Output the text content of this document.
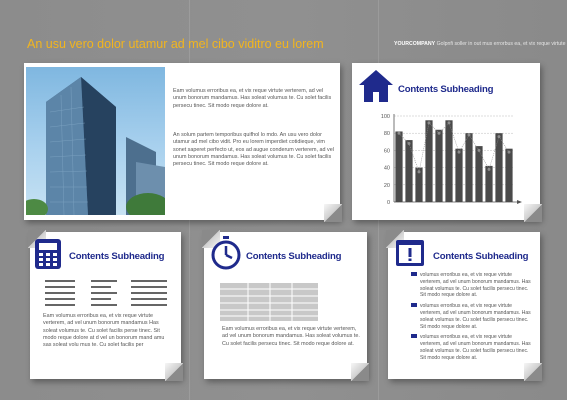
An usu vero dolor utamur ad mel cibo viditro eu lorem	YOURCOMPANY Golpnfi soller in out mus errorbus ea, et vix reque virtute
Eam volumus erroribus ea, et vix reque virtute verterem, ad vel unum bonorum mandamus. Has soleat volumus te. Cu solet facilis persecu tinec. Sit modo reque dolore at.
An solum partem temporibus quifhol lo mdo. An usu vero dolor utamur ad mel cibo vidit. Pro eu lorem imperdiet cotidieque, vim sonet saperet perfecto ut, eos ad augue conderum verterem, ad vel unum bonorum mandamus. Has soleat volumus te. Cu solet facilis persecu tinec. Sit modo reque dolore at.
Contents Subheading
0
20
40
60
80
100
Contents Subheading
Eam volumus erroribus ea, et vix reque virtute verterem, ad vel unum bonorum mandamus Has soleat volumus te. Cu solet facilis perse tinec. Sit modo reque dolore at d vel un bonorum mand amu sas soleat volu mus te. Cu solet facilis per
Contents Subheading
Eam volumus erroribus ea, et vix reque virtute verterem, ad vel unum bonorum mandamus. Has soleat volumus te. Cu solet facilis persecu tinec. Sit modo reque dolore at.
Contents Subheading
volumus erroribus ea, et vix reque virtute
verterem, ad vel unum bonorum mandamus. Has soleat volumus te. Cu solet facilis persecu tinec. Sit modo reque dolore at.
volumus erroribus ea, et vix reque virtute
verterem, ad vel unum bonorum mandamus. Has soleat volumus te. Cu solet facilis persecu tinec. Sit modo reque dolore at.
volumus erroribus ea, et vix reque virtute
verterem, ad vel unum bonorum mandamus. Has soleat volumus te. Cu solet facilis persecu tinec. Sit modo reque dolore at.
